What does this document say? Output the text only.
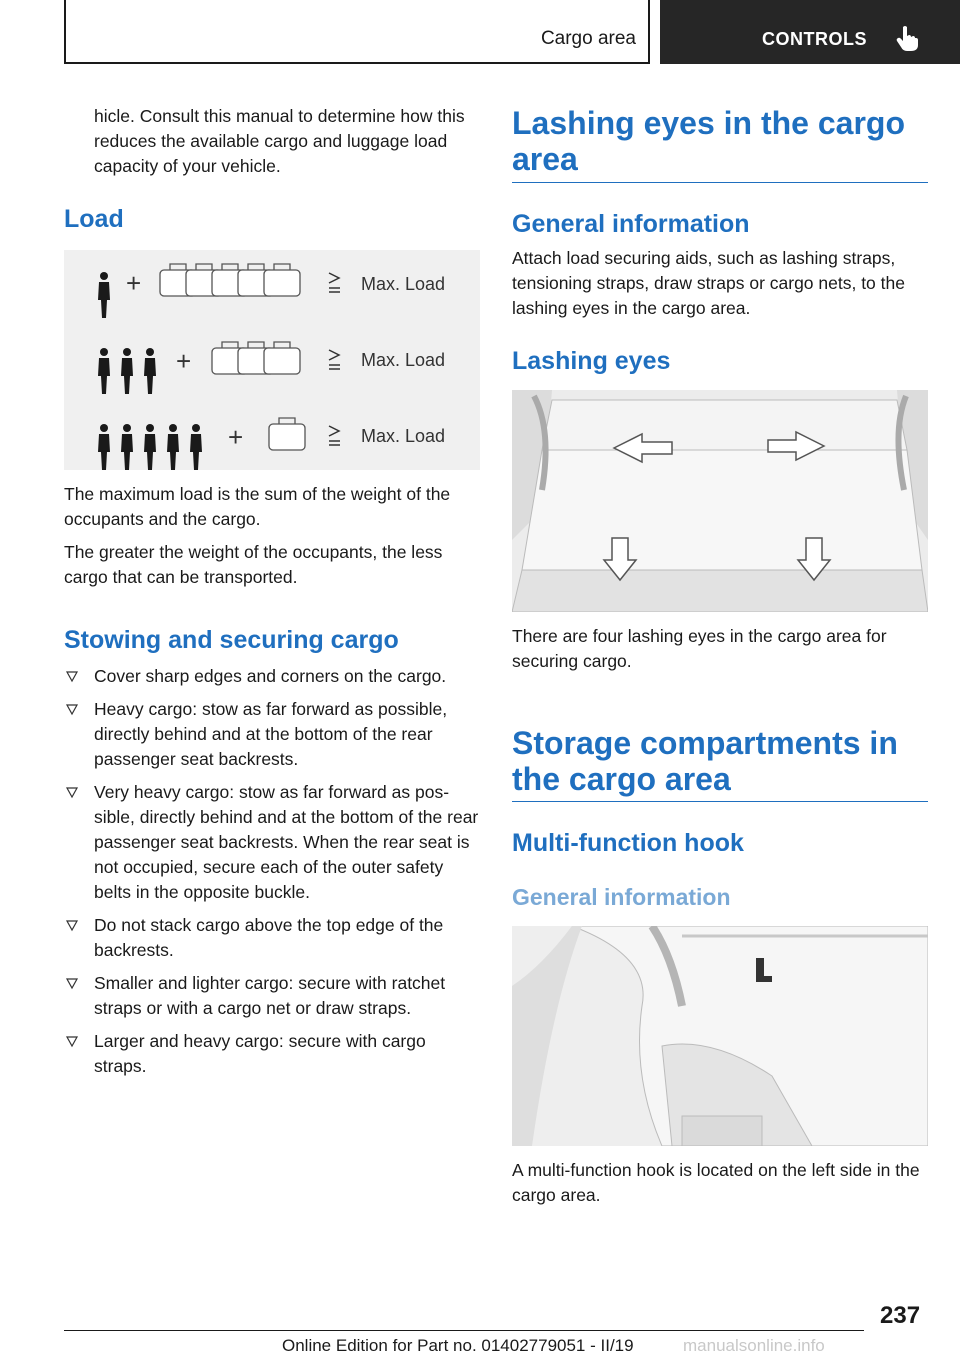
Cargo area	CONTROLS

hicle. Consult this manual to determine how this reduces the available cargo and luggage load capacity of your vehicle.

Load
+	Max. Load
+	Max. Load
+	Max. Load

The maximum load is the sum of the weight of the occupants and the cargo.

The greater the weight of the occupants, the less cargo that can be transported.

Stowing and securing cargo
Cover sharp edges and corners on the cargo.
Heavy cargo: stow as far forward as possible, directly behind and at the bottom of the rear passenger seat backrests.
Very heavy cargo: stow as far forward as pos‐sible, directly behind and at the bottom of the rear passenger seat backrests. When the rear seat is not occupied, secure each of the outer safety belts in the opposite buckle.
Do not stack cargo above the top edge of the backrests.
Smaller and lighter cargo: secure with ratchet straps or with a cargo net or draw straps.
Larger and heavy cargo: secure with cargo straps.
Lashing eyes in the cargo area
General information

Attach load securing aids, such as lashing straps, tensioning straps, draw straps or cargo nets, to the lashing eyes in the cargo area.

Lashing eyes

There are four lashing eyes in the cargo area for securing cargo.

Storage compartments in the cargo area
Multi-function hook
General information

A multi-function hook is located on the left side in the cargo area.

237
Online Edition for Part no. 01402779051 - II/19	manualsonline.info
